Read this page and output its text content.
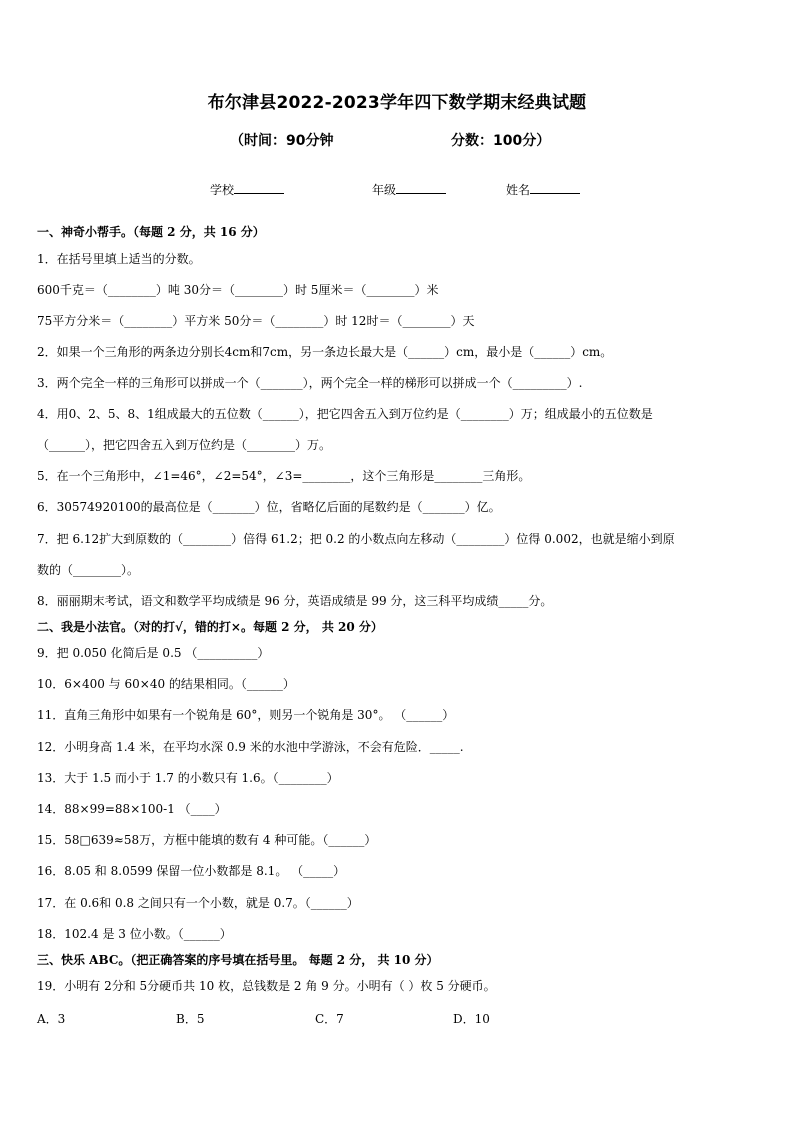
布尔津县2022-2023学年四下数学期末经典试题
（时间：90分钟	分数：100分）
学校	年级	姓名
一、神奇小帮手。（每题 2 分，共 16 分）
1．在括号里填上适当的分数。
600千克＝（________）吨 30分＝（________）时 5厘米＝（________）米
75平方分米＝（________）平方米 50分＝（________）时 12时＝（________）天
2．如果一个三角形的两条边分别长4cm和7cm，另一条边长最大是（______）cm，最小是（______）cm。
3．两个完全一样的三角形可以拼成一个（_______），两个完全一样的梯形可以拼成一个（_________）.
4．用0、2、5、8、1组成最大的五位数（______），把它四舍五入到万位约是（________）万；组成最小的五位数是
（______），把它四舍五入到万位约是（________）万。
5．在一个三角形中，∠1=46°，∠2=54°，∠3=________，这个三角形是________三角形。
6．30574920100的最高位是（_______）位，省略亿后面的尾数约是（_______）亿。
7．把 6.12扩大到原数的（________）倍得 61.2；把 0.2 的小数点向左移动（________）位得 0.002，也就是缩小到原
数的（________）。
8．丽丽期末考试，语文和数学平均成绩是 96 分，英语成绩是 99 分，这三科平均成绩_____分。
二、我是小法官。（对的打√，错的打×。每题 2 分， 共 20 分）
9．把 0.050 化简后是 0.5 （__________）
10．6×400 与 60×40 的结果相同。（______）
11．直角三角形中如果有一个锐角是 60°，则另一个锐角是 30°。 （______）
12．小明身高 1.4 米，在平均水深 0.9 米的水池中学游泳，不会有危险．_____.
13．大于 1.5 而小于 1.7 的小数只有 1.6。（________）
14．88×99=88×100-1 （____）
15．58□639≈58万，方框中能填的数有 4 种可能。（______）
16．8.05 和 8.0599 保留一位小数都是 8.1。 （_____）
17．在 0.6和 0.8 之间只有一个小数，就是 0.7。（______）
18．102.4 是 3 位小数。（______）
三、快乐 ABC。（把正确答案的序号填在括号里。 每题 2 分， 共 10 分）
19．小明有 2分和 5分硬币共 10 枚，总钱数是 2 角 9 分。小明有（ ）枚 5 分硬币。
A．3	B．5	C．7	D．10
